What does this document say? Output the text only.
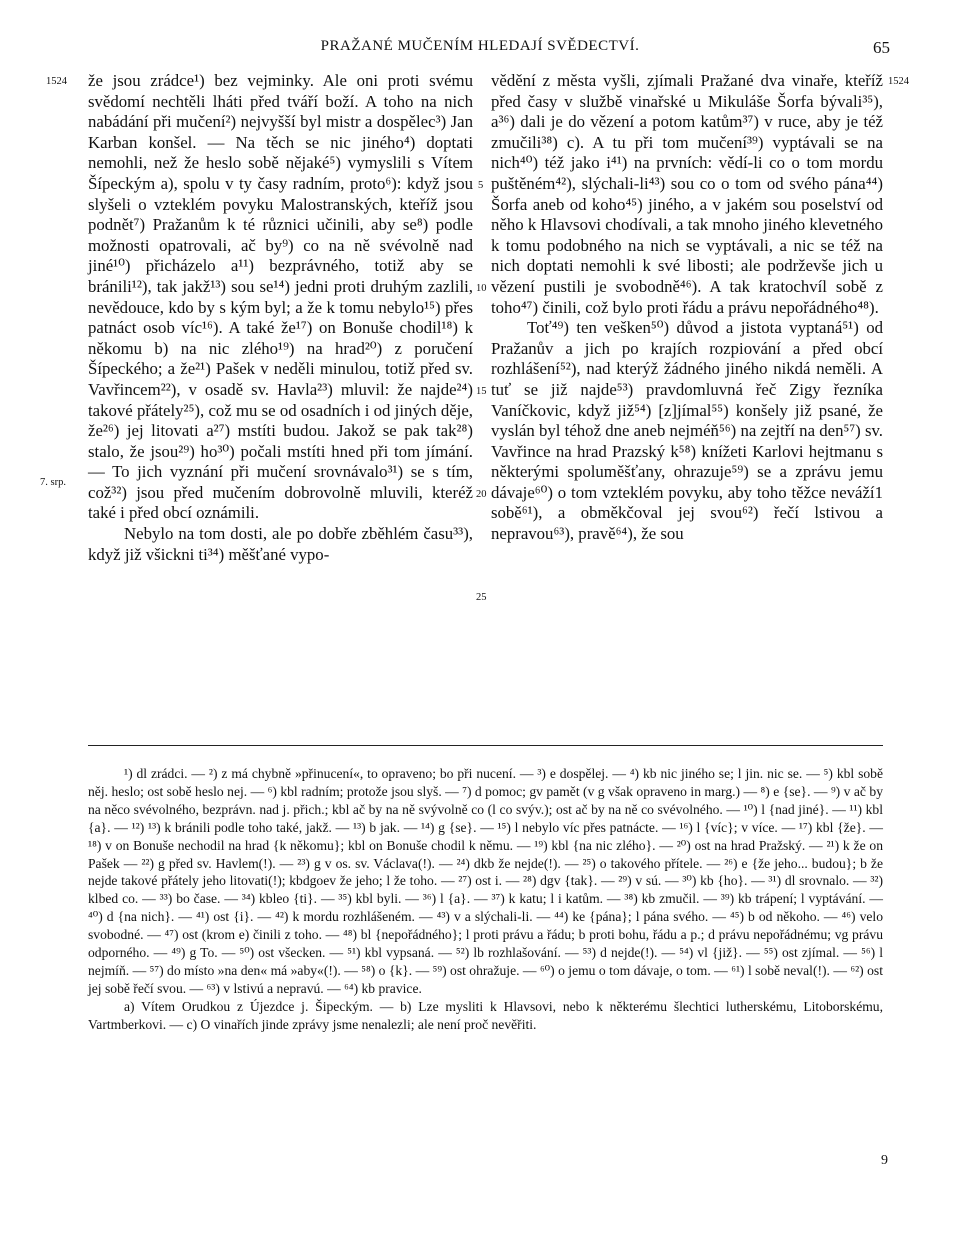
PRAŽANÉ MUČENÍM HLEDAJÍ SVĚDECTVÍ.	65
1524	1524
7. srp.
5
10
15
20
25

že jsou zrádce¹) bez vejminky. Ale oni proti svému svědomí nechtěli lháti před tváří boží. A toho na nich nabádání při mučení²) nejvyšší byl mistr a dospělec³) Jan Karban konšel. — Na těch se nic jiného⁴) doptati nemohli, než že heslo sobě nějaké⁵) vymyslili s Vítem Šípeckým a), spolu v ty časy radním, proto⁶): když jsou slyšeli o vzteklém povyku Malostranských, kteříž jsou podnět⁷) Pražanům k té různici učinili, aby se⁸) podle možnosti opatrovali, ač by⁹) co na ně svévolně nad jiné¹⁰) přicházelo a¹¹) bezprávného, totiž aby se bránili¹²), tak jakž¹³) sou se¹⁴) jedni proti druhým zazlili, nevědouce, kdo by s kým byl; a že k tomu nebylo¹⁵) přes patnáct osob víc¹⁶). A také že¹⁷) on Bonuše chodil¹⁸) k někomu b) na nic zlého¹⁹) na hrad²⁰) z poručení Šípeckého; a že²¹) Pašek v neděli minulou, totiž před sv. Vavřincem²²), v osadě sv. Havla²³) mluvil: že najde²⁴) takové přátely²⁵), což mu se od osadních i od jiných děje, že²⁶) jej litovati a²⁷) mstíti budou. Jakož se pak tak²⁸) stalo, že jsou²⁹) ho³⁰) počali mstíti hned při tom jímání. — To jich vyznání při mučení srovnávalo³¹) se s tím, což³²) jsou před mučením dobrovolně mluvili, kteréž také i před obcí oznámili.

Nebylo na tom dosti, ale po dobře zběhlém času³³), když již všickni ti³⁴) měšťané vypo-

vědění z města vyšli, zjímali Pražané dva vinaře, kteříž před časy v službě vinařské u Mikuláše Šorfa bývali³⁵), a³⁶) dali je do vězení a potom katům³⁷) v ruce, aby je též zmučili³⁸) c). A tu při tom mučení³⁹) vyptávali se na nich⁴⁰) též jako i⁴¹) na prvních: vědí-li co o tom mordu puštěném⁴²), slýchali-li⁴³) sou co o tom od svého pána⁴⁴) Šorfa aneb od koho⁴⁵) jiného, a v jakém sou poselství od něho k Hlavsovi chodívali, a tak mnoho jiného klevetného k tomu podobného na nich se vyptávali, a nic se též na nich doptati nemohli k své libosti; ale podrževše jich u vězení pustili je svobodně⁴⁶). A tak kratochvíl sobě z toho⁴⁷) činili, což bylo proti řádu a právu nepořádného⁴⁸).

Toť⁴⁹) ten vešken⁵⁰) důvod a jistota vyptaná⁵¹) od Pražanův a jich po krajích rozpiování a před obcí rozhlášení⁵²), nad kterýž žádného jiného nikdá neměli. A tuť se již najde⁵³) pravdomluvná řeč Zigy řezníka Vaníčkovic, když již⁵⁴) [z]jímal⁵⁵) konšely již psané, že vyslán byl téhož dne aneb nejméň⁵⁶) na zejtří na den⁵⁷) sv. Vavřince na hrad Prazský k⁵⁸) knížeti Karlovi hejtmanu s některými spoluměšťany, ohrazuje⁵⁹) se a zprávu jemu dávaje⁶⁰) o tom vzteklém povyku, aby toho těžce neváží1 sobě⁶¹), a obměkčoval jej svou⁶²) řečí lstivou a nepravou⁶³), pravě⁶⁴), že sou

¹) dl zrádci. — ²) z má chybně »přinucení«, to opraveno; bo při nucení. — ³) e dospělej. — ⁴) kb nic jiného se; l jin. nic se. — ⁵) kbl sobě něj. heslo; ost sobě heslo nej. — ⁶) kbl radním; protože jsou slyš. — ⁷) d pomoc; gv pamět (v g však opraveno in marg.) — ⁸) e {se}. — ⁹) v ač by na něco svévolného, bezprávn. nad j. přich.; kbl ač by na ně svývolně co (l co svýv.); ost ač by na ně co svévolného. — ¹⁰) l {nad jiné}. — ¹¹) kbl {a}. — ¹²) ¹³) k bránili podle toho také, jakž. — ¹³) b jak. — ¹⁴) g {se}. — ¹⁵) l nebylo víc přes patnácte. — ¹⁶) l {víc}; v více. — ¹⁷) kbl {že}. — ¹⁸) v on Bonuše nechodil na hrad {k někomu}; kbl on Bonuše chodil k němu. — ¹⁹) kbl {na nic zlého}. — ²⁰) ost na hrad Pražský. — ²¹) k že on Pašek — ²²) g před sv. Havlem(!). — ²³) g v os. sv. Václava(!). — ²⁴) dkb že nejde(!). — ²⁵) o takového přítele. — ²⁶) e {že jeho... budou}; b že nejde takové přátely jeho litovati(!); kbdgoev že jeho; l že toho. — ²⁷) ost i. — ²⁸) dgv {tak}. — ²⁹) v sú. — ³⁰) kb {ho}. — ³¹) dl srovnalo. — ³²) klbed co. — ³³) bo čase. — ³⁴) kbleo {ti}. — ³⁵) kbl byli. — ³⁶) l {a}. — ³⁷) k katu; l i katům. — ³⁸) kb zmučil. — ³⁹) kb trápení; l vyptávání. — ⁴⁰) d {na nich}. — ⁴¹) ost {i}. — ⁴²) k mordu rozhlášeném. — ⁴³) v a slýchali-li. — ⁴⁴) ke {pána}; l pána svého. — ⁴⁵) b od někoho. — ⁴⁶) velo svobodné. — ⁴⁷) ost (krom e) činili z toho. — ⁴⁸) bl {nepořádného}; l proti právu a řádu; b proti bohu, řádu a p.; d právu nepořádnému; vg právu odporného. — ⁴⁹) g To. — ⁵⁰) ost všecken. — ⁵¹) kbl vypsaná. — ⁵²) lb rozhlašování. — ⁵³) d nejde(!). — ⁵⁴) vl {již}. — ⁵⁵) ost zjímal. — ⁵⁶) l nejmíň. — ⁵⁷) do místo »na den« má »aby«(!). — ⁵⁸) o {k}. — ⁵⁹) ost ohražuje. — ⁶⁰) o jemu o tom dávaje, o tom. — ⁶¹) l sobě neval(!). — ⁶²) ost jej sobě řečí svou. — ⁶³) v lstivú a nepravú. — ⁶⁴) kb pravice.

a) Vítem Orudkou z Újezdce j. Šipeckým. — b) Lze mysliti k Hlavsovi, nebo k některému šlechtici lutherskému, Litoborskému, Vartmberkovi. — c) O vinařích jinde zprávy jsme nenalezli; ale není proč nevěřiti.

9
